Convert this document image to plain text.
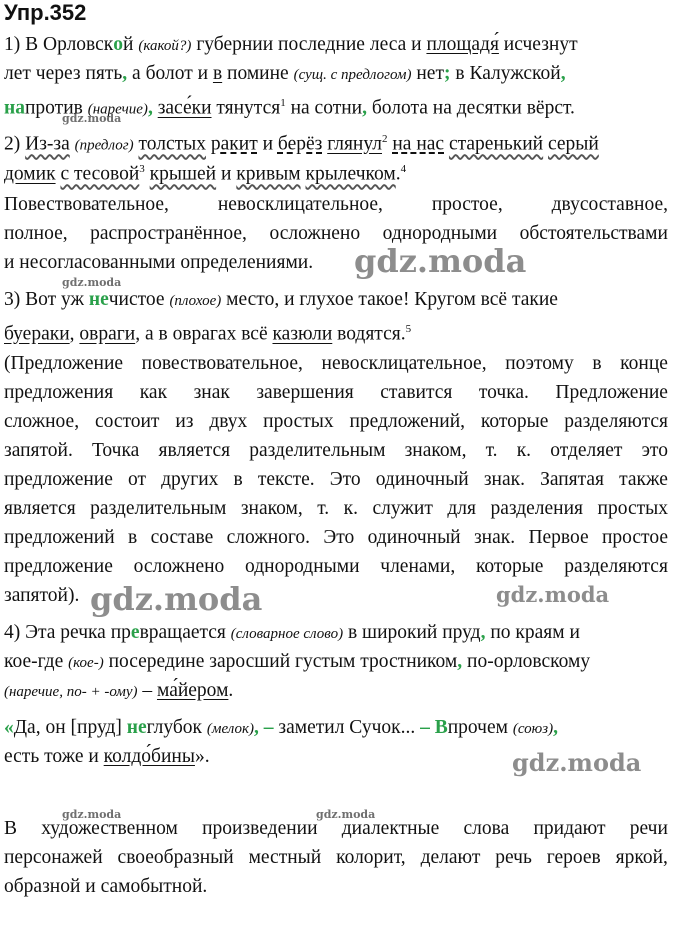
Упр.352
1) В Орловской (какой?) губернии последние леса и площадя́ исчезнут
лет через пять, а болот и в помине (сущ. с предлогом) нет; в Калужской,
напротив (наречие), засе́ки тянутся$^1$ на сотни, болота на десятки вёрст.
2) Из-за (предлог) толстых ракит и берёз глянул$^2$ на нас старенький серый
домик с тесовой$^3$ крышей и кривым крылечком.$^4$
Повествовательное,	невосклицательное,	простое,	двусоставное,
полное, распространённое, осложнено однородными обстоятельствами
и несогласованными определениями.
3) Вот уж нечистое (плохое) место, и глухое такое! Кругом всё такие
буераки, овраги, а в оврагах всё казюли водятся.$^5$
(Предложение повествовательное, невосклицательное, поэтому в конце
предложения как знак завершения ставится точка. Предложение
сложное, состоит из двух простых предложений, которые разделяются
запятой. Точка является разделительным знаком, т. к. отделяет это
предложение от других в тексте. Это одиночный знак. Запятая также
является разделительным знаком, т. к. служит для разделения простых
предложений в составе сложного. Это одиночный знак. Первое простое
предложение осложнено однородными членами, которые разделяются
запятой).
4) Эта речка превращается (словарное слово) в широкий пруд, по краям и
кое-где (кое-) посередине заросший густым тростником, по-орловскому
(наречие, по- + -ому) – ма́йером.
«Да, он [пруд] неглубок (мелок), – заметил Сучок... – Впрочем (союз),
есть тоже и колдо́бины».
В художественном произведении диалектные слова придают речи
персонажей своеобразный местный колорит, делают речь героев яркой,
образной и самобытной.
gdz.moda
gdz.moda
gdz.moda	gdz.moda
gdz.moda
gdz.moda	gdz.moda
gdz.moda
